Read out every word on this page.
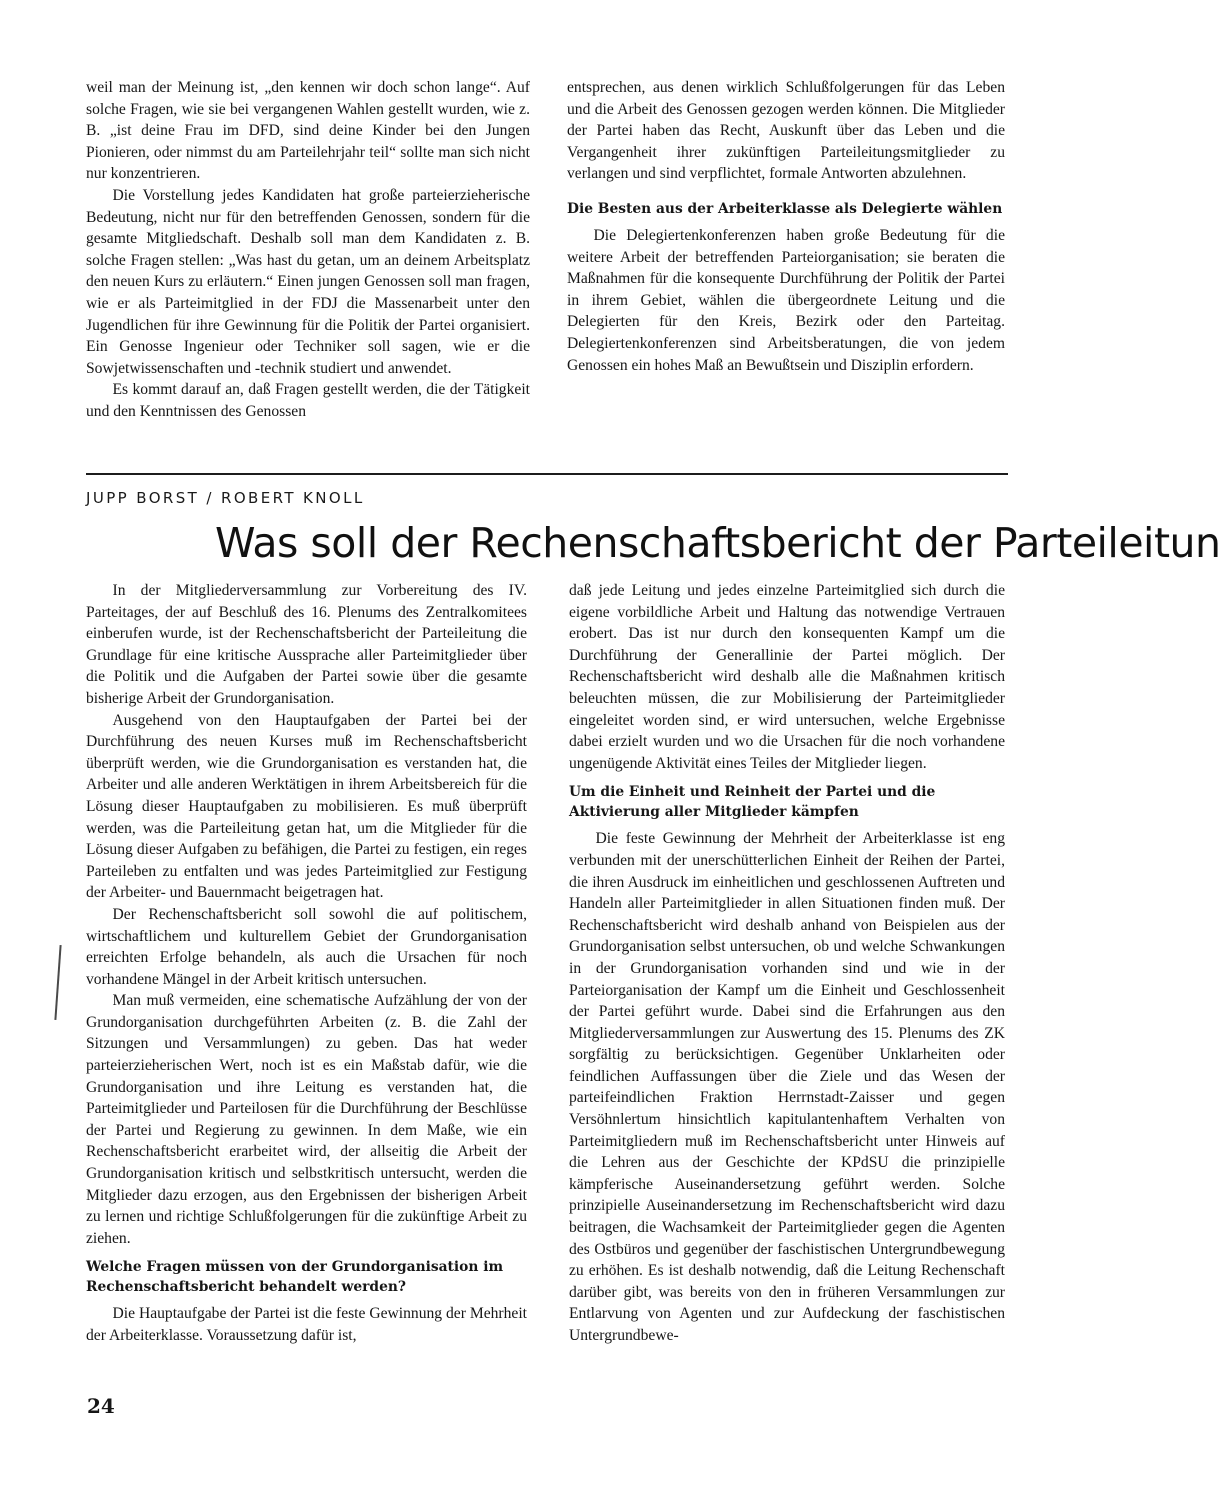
weil man der Meinung ist, „den kennen wir doch schon lange“. Auf solche Fragen, wie sie bei vergangenen Wahlen gestellt wurden, wie z. B. „ist deine Frau im DFD, sind deine Kinder bei den Jungen Pionieren, oder nimmst du am Parteilehrjahr teil“ sollte man sich nicht nur konzentrieren.

Die Vorstellung jedes Kandidaten hat große parteierzieherische Bedeutung, nicht nur für den betreffenden Genossen, sondern für die gesamte Mitgliedschaft. Deshalb soll man dem Kandidaten z. B. solche Fragen stellen: „Was hast du getan, um an deinem Arbeitsplatz den neuen Kurs zu erläutern.“ Einen jungen Genossen soll man fragen, wie er als Parteimitglied in der FDJ die Massenarbeit unter den Jugendlichen für ihre Gewinnung für die Politik der Partei organisiert. Ein Genosse Ingenieur oder Techniker soll sagen, wie er die Sowjetwissenschaften und -technik studiert und anwendet.

Es kommt darauf an, daß Fragen gestellt werden, die der Tätigkeit und den Kenntnissen des Genossen

entsprechen, aus denen wirklich Schlußfolgerungen für das Leben und die Arbeit des Genossen gezogen werden können. Die Mitglieder der Partei haben das Recht, Auskunft über das Leben und die Vergangenheit ihrer zukünftigen Parteileitungsmitglieder zu verlangen und sind verpflichtet, formale Antworten abzulehnen.

Die Besten aus der Arbeiterklasse als Delegierte wählen

Die Delegiertenkonferenzen haben große Bedeutung für die weitere Arbeit der betreffenden Parteiorganisation; sie beraten die Maßnahmen für die konsequente Durchführung der Politik der Partei in ihrem Gebiet, wählen die übergeordnete Leitung und die Delegierten für den Kreis, Bezirk oder den Parteitag. Delegiertenkonferenzen sind Arbeitsberatungen, die von jedem Genossen ein hohes Maß an Bewußtsein und Disziplin erfordern.

JUPP BORST / ROBERT KNOLL
Was soll der Rechenschaftsbericht der Parteileitun

In der Mitgliederversammlung zur Vorbereitung des IV. Parteitages, der auf Beschluß des 16. Plenums des Zentralkomitees einberufen wurde, ist der Rechenschaftsbericht der Parteileitung die Grundlage für eine kritische Aussprache aller Parteimitglieder über die Politik und die Aufgaben der Partei sowie über die gesamte bisherige Arbeit der Grundorganisation.

Ausgehend von den Hauptaufgaben der Partei bei der Durchführung des neuen Kurses muß im Rechenschaftsbericht überprüft werden, wie die Grundorganisation es verstanden hat, die Arbeiter und alle anderen Werktätigen in ihrem Arbeitsbereich für die Lösung dieser Hauptaufgaben zu mobilisieren. Es muß überprüft werden, was die Parteileitung getan hat, um die Mitglieder für die Lösung dieser Aufgaben zu befähigen, die Partei zu festigen, ein reges Parteileben zu entfalten und was jedes Parteimitglied zur Festigung der Arbeiter- und Bauernmacht beigetragen hat.

Der Rechenschaftsbericht soll sowohl die auf politischem, wirtschaftlichem und kulturellem Gebiet der Grundorganisation erreichten Erfolge behandeln, als auch die Ursachen für noch vorhandene Mängel in der Arbeit kritisch untersuchen.

Man muß vermeiden, eine schematische Aufzählung der von der Grundorganisation durchgeführten Arbeiten (z. B. die Zahl der Sitzungen und Versammlungen) zu geben. Das hat weder parteierzieherischen Wert, noch ist es ein Maßstab dafür, wie die Grundorganisation und ihre Leitung es verstanden hat, die Parteimitglieder und Parteilosen für die Durchführung der Beschlüsse der Partei und Regierung zu gewinnen. In dem Maße, wie ein Rechenschaftsbericht erarbeitet wird, der allseitig die Arbeit der Grundorganisation kritisch und selbstkritisch untersucht, werden die Mitglieder dazu erzogen, aus den Ergebnissen der bisherigen Arbeit zu lernen und richtige Schlußfolgerungen für die zukünftige Arbeit zu ziehen.

Welche Fragen müssen von der Grundorganisation im Rechenschaftsbericht behandelt werden?

Die Hauptaufgabe der Partei ist die feste Gewinnung der Mehrheit der Arbeiterklasse. Voraussetzung dafür ist,

daß jede Leitung und jedes einzelne Parteimitglied sich durch die eigene vorbildliche Arbeit und Haltung das notwendige Vertrauen erobert. Das ist nur durch den konsequenten Kampf um die Durchführung der Generallinie der Partei möglich. Der Rechenschaftsbericht wird deshalb alle die Maßnahmen kritisch beleuchten müssen, die zur Mobilisierung der Parteimitglieder eingeleitet worden sind, er wird untersuchen, welche Ergebnisse dabei erzielt wurden und wo die Ursachen für die noch vorhandene ungenügende Aktivität eines Teiles der Mitglieder liegen.

Um die Einheit und Reinheit der Partei und die Aktivierung aller Mitglieder kämpfen

Die feste Gewinnung der Mehrheit der Arbeiterklasse ist eng verbunden mit der unerschütterlichen Einheit der Reihen der Partei, die ihren Ausdruck im einheitlichen und geschlossenen Auftreten und Handeln aller Parteimitglieder in allen Situationen finden muß. Der Rechenschaftsbericht wird deshalb anhand von Beispielen aus der Grundorganisation selbst untersuchen, ob und welche Schwankungen in der Grundorganisation vorhanden sind und wie in der Parteiorganisation der Kampf um die Einheit und Geschlossenheit der Partei geführt wurde. Dabei sind die Erfahrungen aus den Mitgliederversammlungen zur Auswertung des 15. Plenums des ZK sorgfältig zu berücksichtigen. Gegenüber Unklarheiten oder feindlichen Auffassungen über die Ziele und das Wesen der parteifeindlichen Fraktion Herrnstadt-Zaisser und gegen Versöhnlertum hinsichtlich kapitulantenhaftem Verhalten von Parteimitgliedern muß im Rechenschaftsbericht unter Hinweis auf die Lehren aus der Geschichte der KPdSU die prinzipielle kämpferische Auseinandersetzung geführt werden. Solche prinzipielle Auseinandersetzung im Rechenschaftsbericht wird dazu beitragen, die Wachsamkeit der Parteimitglieder gegen die Agenten des Ostbüros und gegenüber der faschistischen Untergrundbewegung zu erhöhen. Es ist deshalb notwendig, daß die Leitung Rechenschaft darüber gibt, was bereits von den in früheren Versammlungen zur Entlarvung von Agenten und zur Aufdeckung der faschistischen Untergrundbewe-

24
